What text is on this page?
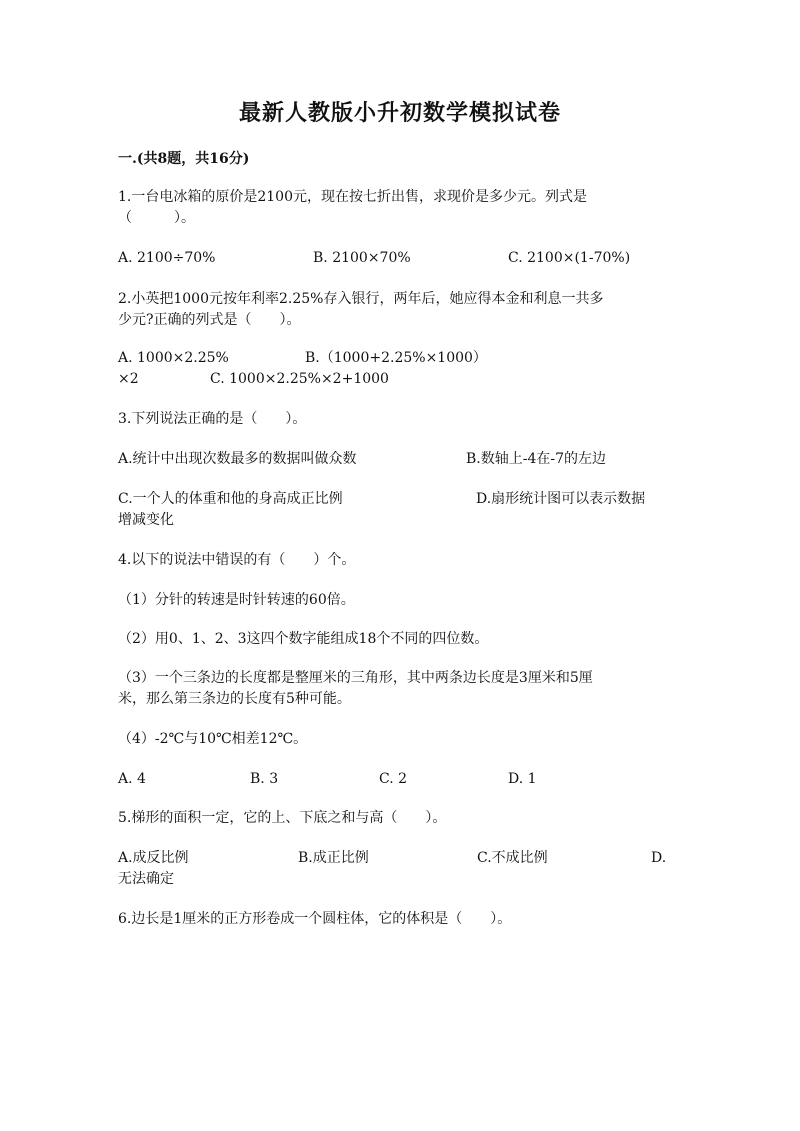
最新人教版小升初数学模拟试卷
一.(共8题，共16分)
1.一台电冰箱的原价是2100元，现在按七折出售，求现价是多少元。列式是
（　　　）。
A. 2100÷70%	B. 2100×70%	C. 2100×(1-70%)
2.小英把1000元按年利率2.25%存入银行，两年后，她应得本金和利息一共多
少元?正确的列式是（　　）。
A. 1000×2.25%	B.（1000+2.25%×1000）
×2	C. 1000×2.25%×2+1000
3.下列说法正确的是（　　）。
A.统计中出现次数最多的数据叫做众数	B.数轴上-4在-7的左边
C.一个人的体重和他的身高成正比例	D.扇形统计图可以表示数据
增减变化
4.以下的说法中错误的有（　　）个。
（1）分针的转速是时针转速的60倍。
（2）用0、1、2、3这四个数字能组成18个不同的四位数。
（3）一个三条边的长度都是整厘米的三角形，其中两条边长度是3厘米和5厘
米，那么第三条边的长度有5种可能。
（4）-2℃与10℃相差12℃。
A. 4	B. 3	C. 2	D. 1
5.梯形的面积一定，它的上、下底之和与高（　　）。
A.成反比例	B.成正比例	C.不成比例	D.
无法确定
6.边长是1厘米的正方形卷成一个圆柱体，它的体积是（　　）。
